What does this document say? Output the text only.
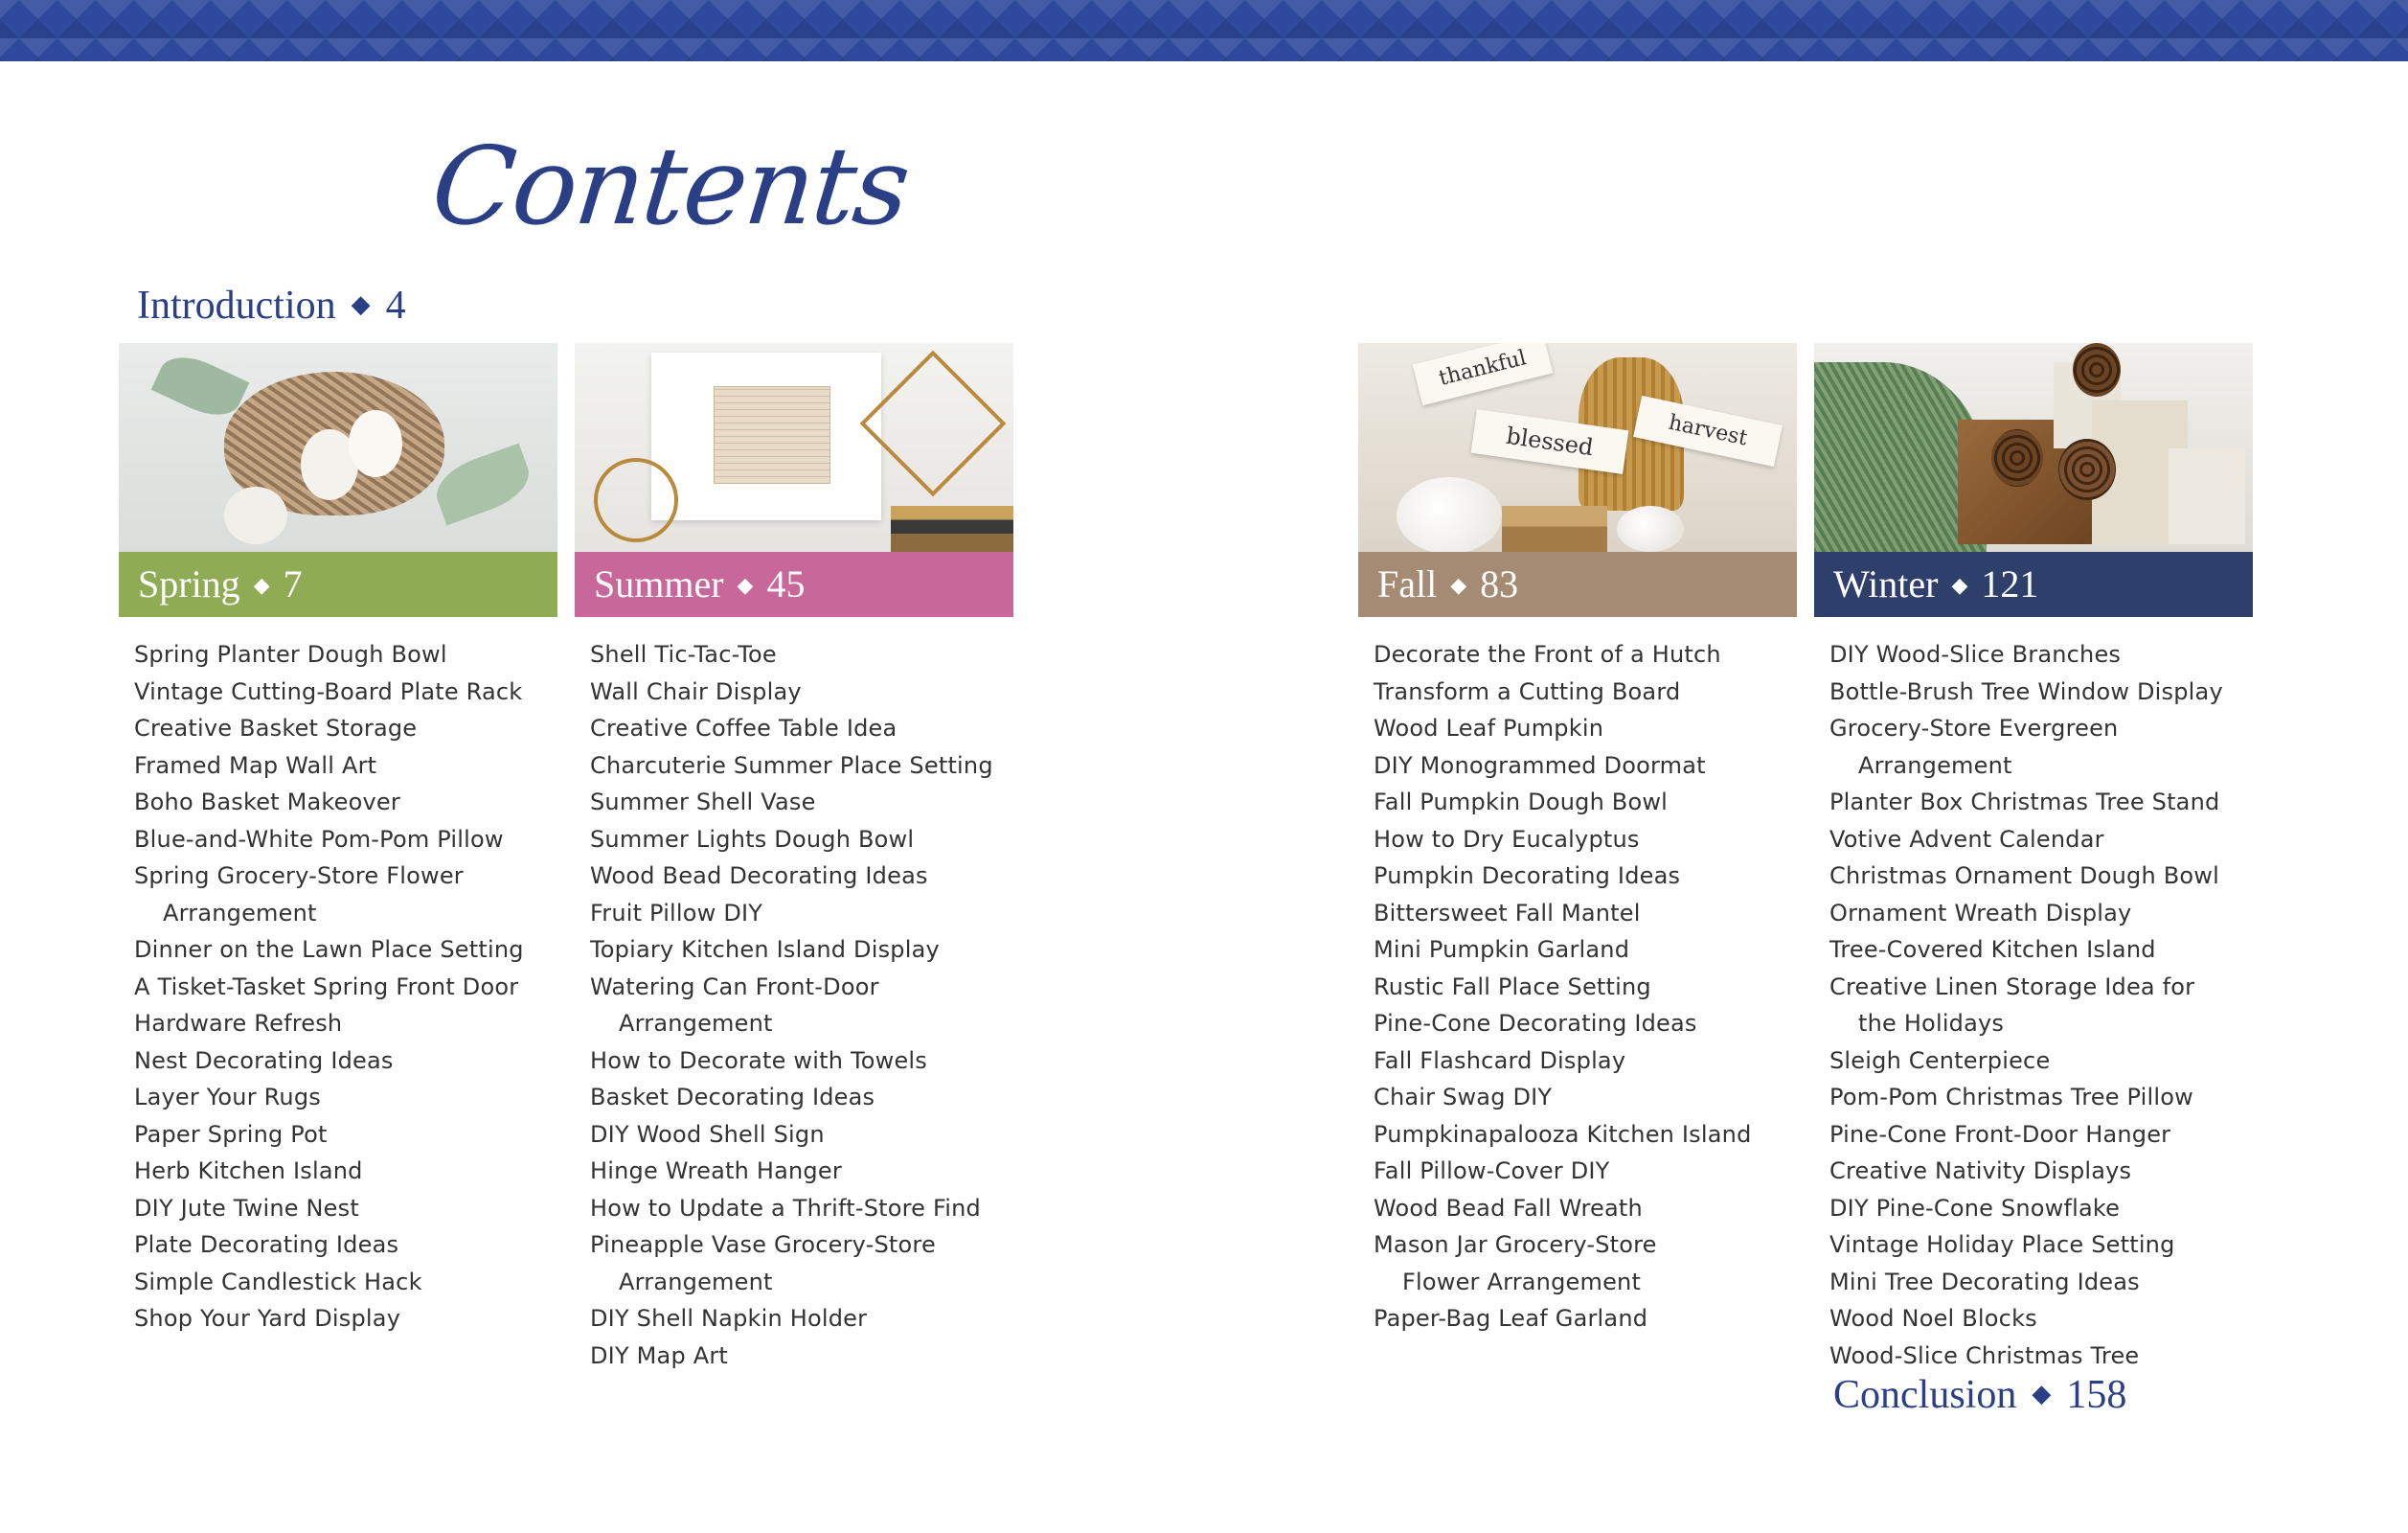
Contents
Introduction ◆ 4
Spring ◆ 7
Spring Planter Dough Bowl
Vintage Cutting-Board Plate Rack
Creative Basket Storage
Framed Map Wall Art
Boho Basket Makeover
Blue-and-White Pom-Pom Pillow
Spring Grocery-Store Flower Arrangement
Dinner on the Lawn Place Setting
A Tisket-Tasket Spring Front Door
Hardware Refresh
Nest Decorating Ideas
Layer Your Rugs
Paper Spring Pot
Herb Kitchen Island
DIY Jute Twine Nest
Plate Decorating Ideas
Simple Candlestick Hack
Shop Your Yard Display
Summer ◆ 45
Shell Tic-Tac-Toe
Wall Chair Display
Creative Coffee Table Idea
Charcuterie Summer Place Setting
Summer Shell Vase
Summer Lights Dough Bowl
Wood Bead Decorating Ideas
Fruit Pillow DIY
Topiary Kitchen Island Display
Watering Can Front-Door Arrangement
How to Decorate with Towels
Basket Decorating Ideas
DIY Wood Shell Sign
Hinge Wreath Hanger
How to Update a Thrift-Store Find
Pineapple Vase Grocery-Store Arrangement
DIY Shell Napkin Holder
DIY Map Art
thankful
blessed	harvest
Fall ◆ 83
Decorate the Front of a Hutch
Transform a Cutting Board
Wood Leaf Pumpkin
DIY Monogrammed Doormat
Fall Pumpkin Dough Bowl
How to Dry Eucalyptus
Pumpkin Decorating Ideas
Bittersweet Fall Mantel
Mini Pumpkin Garland
Rustic Fall Place Setting
Pine-Cone Decorating Ideas
Fall Flashcard Display
Chair Swag DIY
Pumpkinapalooza Kitchen Island
Fall Pillow-Cover DIY
Wood Bead Fall Wreath
Mason Jar Grocery-Store Flower Arrangement
Paper-Bag Leaf Garland
Winter ◆ 121
DIY Wood-Slice Branches
Bottle-Brush Tree Window Display
Grocery-Store Evergreen Arrangement
Planter Box Christmas Tree Stand
Votive Advent Calendar
Christmas Ornament Dough Bowl
Ornament Wreath Display
Tree-Covered Kitchen Island
Creative Linen Storage Idea for the Holidays
Sleigh Centerpiece
Pom-Pom Christmas Tree Pillow
Pine-Cone Front-Door Hanger
Creative Nativity Displays
DIY Pine-Cone Snowflake
Vintage Holiday Place Setting
Mini Tree Decorating Ideas
Wood Noel Blocks
Wood-Slice Christmas Tree
Conclusion ◆ 158
